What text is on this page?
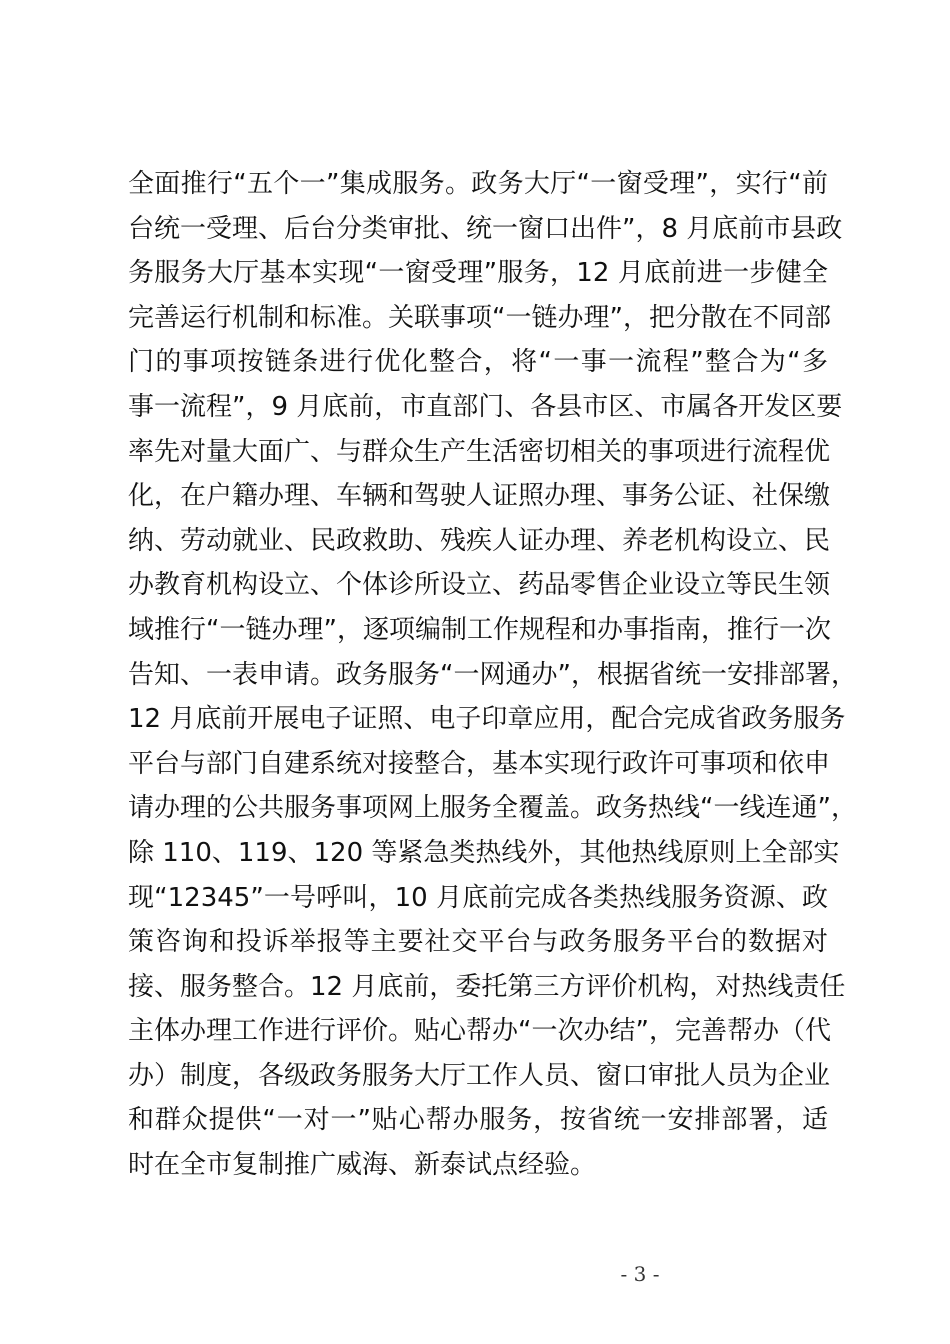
全面推行“五个一”集成服务。政务大厅“一窗受理”，实行“前
台统一受理、后台分类审批、统一窗口出件”，8 月底前市县政
务服务大厅基本实现“一窗受理”服务，12 月底前进一步健全
完善运行机制和标准。关联事项“一链办理”，把分散在不同部
门的事项按链条进行优化整合，将“一事一流程”整合为“多
事一流程”，9 月底前，市直部门、各县市区、市属各开发区要
率先对量大面广、与群众生产生活密切相关的事项进行流程优
化，在户籍办理、车辆和驾驶人证照办理、事务公证、社保缴
纳、劳动就业、民政救助、残疾人证办理、养老机构设立、民
办教育机构设立、个体诊所设立、药品零售企业设立等民生领
域推行“一链办理”，逐项编制工作规程和办事指南，推行一次
告知、一表申请。政务服务“一网通办”，根据省统一安排部署，
12 月底前开展电子证照、电子印章应用，配合完成省政务服务
平台与部门自建系统对接整合，基本实现行政许可事项和依申
请办理的公共服务事项网上服务全覆盖。政务热线“一线连通”，
除 110、119、120 等紧急类热线外，其他热线原则上全部实
现“12345”一号呼叫，10 月底前完成各类热线服务资源、政
策咨询和投诉举报等主要社交平台与政务服务平台的数据对
接、服务整合。12 月底前，委托第三方评价机构，对热线责任
主体办理工作进行评价。贴心帮办“一次办结”，完善帮办（代
办）制度，各级政务服务大厅工作人员、窗口审批人员为企业
和群众提供“一对一”贴心帮办服务，按省统一安排部署，适
时在全市复制推广威海、新泰试点经验。
- 3 -
